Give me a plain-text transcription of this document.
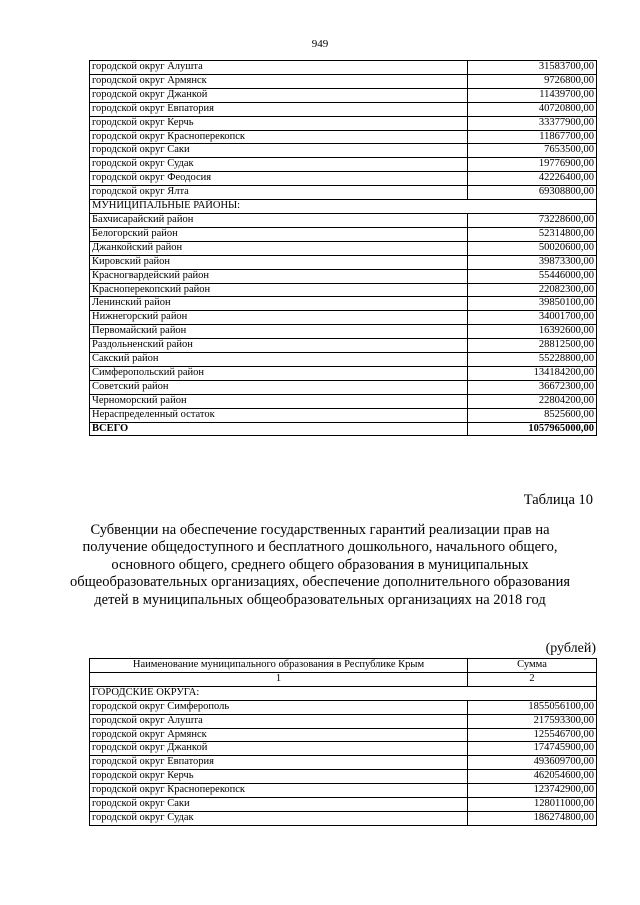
949
городской округ Алушта	31583700,00
городской округ Армянск	9726800,00
городской округ Джанкой	11439700,00
городской округ Евпатория	40720800,00
городской округ Керчь	33377900,00
городской округ Красноперекопск	11867700,00
городской округ Саки	7653500,00
городской округ Судак	19776900,00
городской округ Феодосия	42226400,00
городской округ Ялта	69308800,00
МУНИЦИПАЛЬНЫЕ РАЙОНЫ:	
Бахчисарайский район	73228600,00
Белогорский район	52314800,00
Джанкойский район	50020600,00
Кировский район	39873300,00
Красногвардейский район	55446000,00
Красноперекопский район	22082300,00
Ленинский район	39850100,00
Нижнегорский район	34001700,00
Первомайский район	16392600,00
Раздольненский район	28812500,00
Сакский район	55228800,00
Симферопольский район	134184200,00
Советский район	36672300,00
Черноморский район	22804200,00
Нераспределенный остаток	8525600,00
ВСЕГО	1057965000,00
Таблица 10
Субвенции на обеспечение государственных гарантий реализации прав на получение общедоступного и бесплатного дошкольного, начального общего, основного общего, среднего общего образования в муниципальных общеобразовательных организациях, обеспечение дополнительного образования детей в муниципальных общеобразовательных организациях на 2018 год
(рублей)
Наименование муниципального образования в Республике Крым	Сумма
1	2
ГОРОДСКИЕ ОКРУГА:	
городской округ Симферополь	1855056100,00
городской округ Алушта	217593300,00
городской округ Армянск	125546700,00
городской округ Джанкой	174745900,00
городской округ Евпатория	493609700,00
городской округ Керчь	462054600,00
городской округ Красноперекопск	123742900,00
городской округ Саки	128011000,00
городской округ Судак	186274800,00
